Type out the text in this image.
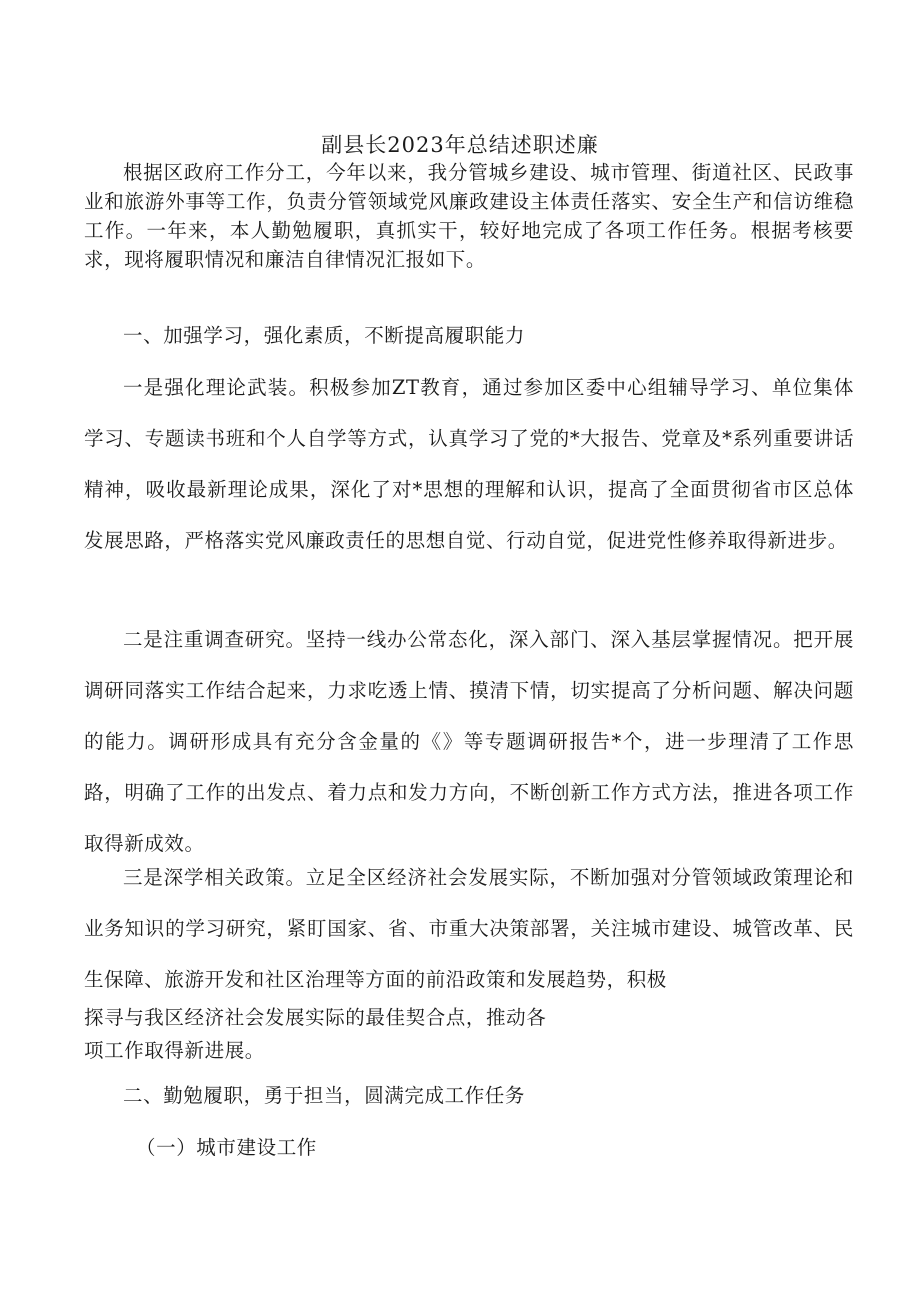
副县长2023年总结述职述廉

根据区政府工作分工，今年以来，我分管城乡建设、城市管理、街道社区、民政事业和旅游外事等工作，负责分管领域党风廉政建设主体责任落实、安全生产和信访维稳工作。一年来，本人勤勉履职，真抓实干，较好地完成了各项工作任务。根据考核要求，现将履职情况和廉洁自律情况汇报如下。

一、加强学习，强化素质，不断提高履职能力

一是强化理论武装。积极参加ZT教育，通过参加区委中心组辅导学习、单位集体学习、专题读书班和个人自学等方式，认真学习了党的*大报告、党章及*系列重要讲话精神，吸收最新理论成果，深化了对*思想的理解和认识，提高了全面贯彻省市区总体发展思路，严格落实党风廉政责任的思想自觉、行动自觉，促进党性修养取得新进步。

二是注重调查研究。坚持一线办公常态化，深入部门、深入基层掌握情况。把开展调研同落实工作结合起来，力求吃透上情、摸清下情，切实提高了分析问题、解决问题的能力。调研形成具有充分含金量的《》等专题调研报告*个，进一步理清了工作思路，明确了工作的出发点、着力点和发力方向，不断创新工作方式方法，推进各项工作取得新成效。

三是深学相关政策。立足全区经济社会发展实际，不断加强对分管领域政策理论和业务知识的学习研究，紧盯国家、省、市重大决策部署，关注城市建设、城管改革、民生保障、旅游开发和社区治理等方面的前沿政策和发展趋势，积极

探寻与我区经济社会发展实际的最佳契合点，推动各

项工作取得新进展。

二、勤勉履职，勇于担当，圆满完成工作任务

（一）城市建设工作
